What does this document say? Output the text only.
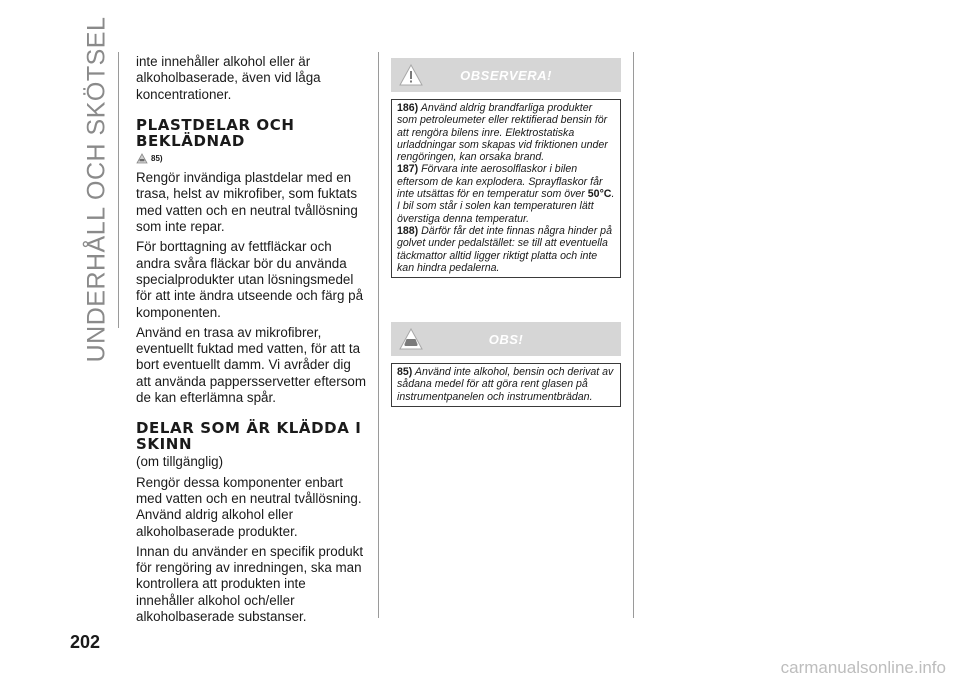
UNDERHÅLL OCH SKÖTSEL inte innehåller alkohol eller är alkoholbaserade, även vid låga koncentrationer.

PLASTDELAR OCH BEKLÄDNAD
85)

Rengör invändiga plastdelar med en trasa, helst av mikrofiber, som fuktats med vatten och en neutral tvållösning som inte repar.

För borttagning av fettfläckar och andra svåra fläckar bör du använda specialprodukter utan lösningsmedel för att inte ändra utseende och färg på komponenten.

Använd en trasa av mikrofibrer, eventuellt fuktad med vatten, för att ta bort eventuellt damm. Vi avråder dig att använda pappersservetter eftersom de kan efterlämna spår.

DELAR SOM ÄR KLÄDDA I SKINN

(om tillgänglig)

Rengör dessa komponenter enbart med vatten och en neutral tvållösning. Använd aldrig alkohol eller alkoholbaserade produkter.

Innan du använder en specifik produkt för rengöring av inredningen, ska man kontrollera att produkten inte innehåller alkohol och/eller alkoholbaserade substanser.

OBSERVERA!

186) Använd aldrig brandfarliga produkter som petroleumeter eller rektifierad bensin för att rengöra bilens inre. Elektrostatiska urladdningar som skapas vid friktionen under rengöringen, kan orsaka brand.

187) Förvara inte aerosolflaskor i bilen eftersom de kan explodera. Sprayflaskor får inte utsättas för en temperatur som över 50°C. I bil som står i solen kan temperaturen lätt överstiga denna temperatur.

188) Därför får det inte finnas några hinder på golvet under pedalstället: se till att eventuella täckmattor alltid ligger riktigt platta och inte kan hindra pedalerna.

OBS!

85) Använd inte alkohol, bensin och derivat av sådana medel för att göra rent glasen på instrumentpanelen och instrumentbrädan.

202
carmanualsonline.info
